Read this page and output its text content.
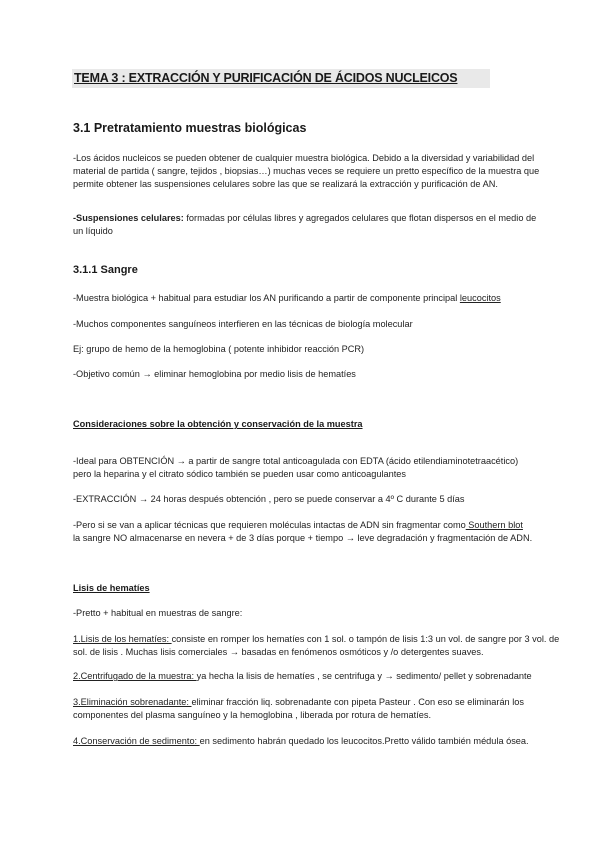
TEMA 3 : EXTRACCIÓN Y PURIFICACIÓN DE ÁCIDOS NUCLEICOS
3.1 Pretratamiento muestras biológicas
-Los ácidos nucleicos se pueden obtener de cualquier muestra biológica. Debido a la diversidad y variabilidad del
material de partida ( sangre, tejidos , biopsias…) muchas veces se requiere un pretto específico de la muestra que
permite obtener las suspensiones celulares sobre las que se realizará la extracción y purificación de AN.
-Suspensiones celulares: formadas por células libres y agregados celulares que flotan dispersos en el medio de
un líquido
3.1.1 Sangre
-Muestra biológica + habitual para estudiar los AN purificando a partir de componente principal leucocitos
-Muchos componentes sanguíneos interfieren en las técnicas de biología molecular
Ej: grupo de hemo de la hemoglobina ( potente inhibidor reacción PCR)
-Objetivo común → eliminar hemoglobina por medio lisis de hematíes
Consideraciones sobre la obtención y conservación de la muestra
-Ideal para OBTENCIÓN → a partir de sangre total anticoagulada con EDTA (ácido etilendiaminotetraacético)
pero la heparina y el citrato sódico también se pueden usar como anticoagulantes
-EXTRACCIÓN → 24 horas después obtención , pero se puede conservar a 4º C durante 5 días
-Pero si se van a aplicar técnicas que requieren moléculas intactas de ADN sin fragmentar como Southern blot
la sangre NO almacenarse en nevera + de 3 días porque + tiempo → leve degradación y fragmentación de ADN.
Lisis de hematíes
-Pretto + habitual en muestras de sangre:
1.Lisis de los hematíes: consiste en romper los hematíes con 1 sol. o tampón de lisis 1:3 un vol. de sangre por 3 vol. de
sol. de lisis . Muchas lisis comerciales → basadas en fenómenos osmóticos y /o detergentes suaves.
2.Centrifugado de la muestra: ya hecha la lisis de hematíes , se centrifuga y → sedimento/ pellet y sobrenadante
3.Eliminación sobrenadante: eliminar fracción liq. sobrenadante con pipeta Pasteur . Con eso se eliminarán los
componentes del plasma sanguíneo y la hemoglobina , liberada por rotura de hematíes.
4.Conservación de sedimento: en sedimento habrán quedado los leucocitos.Pretto válido también médula ósea.
